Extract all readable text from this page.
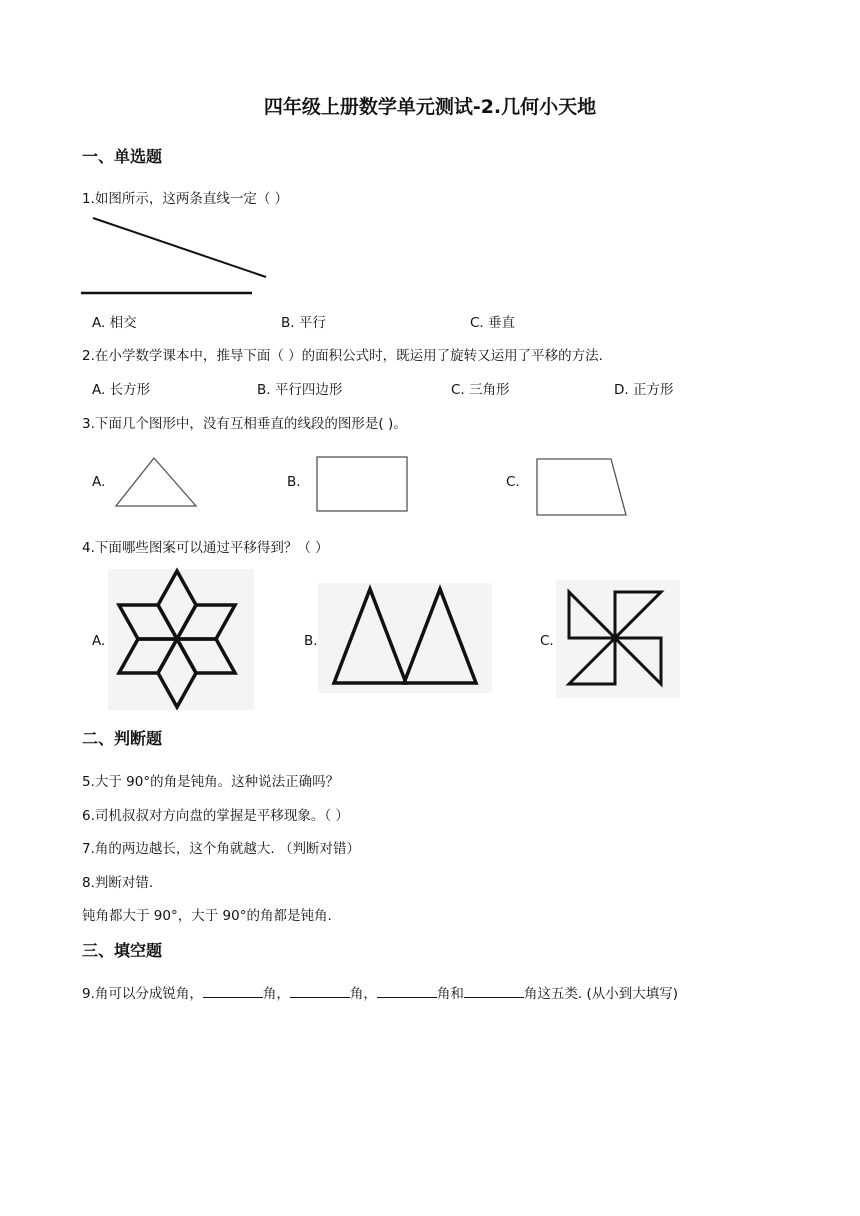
四年级上册数学单元测试-2.几何小天地
一、单选题
1.如图所示，这两条直线一定（ ）
A. 相交	B. 平行	C. 垂直
2.在小学数学课本中，推导下面（ ）的面积公式时，既运用了旋转又运用了平移的方法.
A. 长方形	B. 平行四边形	C. 三角形	D. 正方形
3.下面几个图形中，没有互相垂直的线段的图形是( )。
A.	B.	C.
4.下面哪些图案可以通过平移得到？（ ）
A.	B.	C.
二、判断题
5.大于 90°的角是钝角。这种说法正确吗？
6.司机叔叔对方向盘的掌握是平移现象。（ ）
7.角的两边越长，这个角就越大. （判断对错）
8.判断对错.
钝角都大于 90°，大于 90°的角都是钝角.
三、填空题
9.角可以分成锐角，	角，	角，	角和	角这五类. (从小到大填写)
